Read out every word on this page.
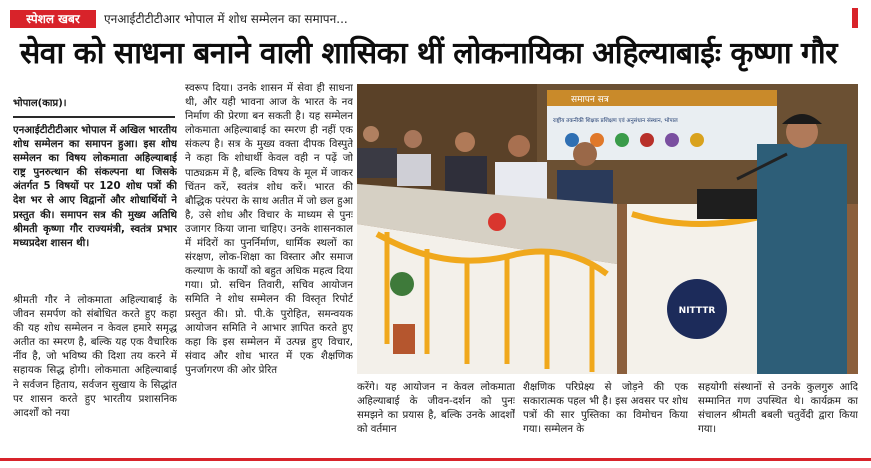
स्पेशल खबर	एनआईटीटीटीआर भोपाल में शोध सम्मेलन का समापन...
सेवा को साधना बनाने वाली शासिका थीं लोकनायिका अहिल्याबाईः कृष्णा गौर
भोपाल(काप्र)।
एनआईटीटीटीआर भोपाल में अखिल भारतीय शोध सम्मेलन का समापन हुआ। इस शोध सम्मेलन का विषय लोकमाता अहिल्याबाई राष्ट्र पुनरुत्थान की संकल्पना था जिसके अंतर्गत 5 विषयों पर 120 शोध पत्रों की देश भर से आए विद्वानों और शोधार्थियों ने प्रस्तुत की। समापन सत्र की मुख्य अतिथि श्रीमती कृष्णा गौर राज्यमंत्री, स्वतंत्र प्रभार मध्यप्रदेश शासन थी।
श्रीमती गौर ने लोकमाता अहिल्याबाई के जीवन समर्पण को संबोधित करते हुए कहा की यह शोध सम्मेलन न केवल हमारे समृद्ध अतीत का स्मरण है, बल्कि यह एक वैचारिक नींव है, जो भविष्य की दिशा तय करने में सहायक सिद्ध होगी। लोकमाता अहिल्याबाई ने सर्वजन हिताय, सर्वजन सुखाय के सिद्धांत पर शासन करते हुए भारतीय प्रशासनिक आदर्शों को नया
स्वरूप दिया। उनके शासन में सेवा ही साधना थी, और यही भावना आज के भारत के नव निर्माण की प्रेरणा बन सकती है। यह सम्मेलन लोकमाता अहिल्याबाई का स्मरण ही नहीं एक संकल्प है। सत्र के मुख्य वक्ता दीपक विस्पुते ने कहा कि शोधार्थी केवल वही न पढ़ें जो पाठ्यक्रम में है, बल्कि विषय के मूल में जाकर चिंतन करें, स्वतंत्र शोध करें। भारत की बौद्धिक परंपरा के साथ अतीत में जो छल हुआ है, उसे शोध और विचार के माध्यम से पुनः उजागर किया जाना चाहिए। उनके शासनकाल में मंदिरों का पुनर्निर्माण, धार्मिक स्थलों का संरक्षण, लोक-शिक्षा का विस्तार और समाज कल्याण के कार्यों को बहुत अधिक महत्व दिया गया। प्रो. सचिन तिवारी, सचिव आयोजन समिति ने शोध सम्मेलन की विस्तृत रिपोर्ट प्रस्तुत की। प्रो. पी.के पुरोहित, समन्वयक आयोजन समिति ने आभार ज्ञापित करते हुए कहा कि इस सम्मेलन में उत्पन्न हुए विचार, संवाद और शोध भारत में एक शैक्षणिक पुनर्जागरण की ओर प्रेरित
समापन सत्र
राष्ट्रीय तकनीकी शिक्षक प्रशिक्षण एवं अनुसंधान संस्थान, भोपाल
NITTTR
करेंगे। यह आयोजन न केवल लोकमाता अहिल्याबाई के जीवन-दर्शन को पुनः समझने का प्रयास है, बल्कि उनके आदर्शों को वर्तमान
शैक्षणिक परिप्रेक्ष्य से जोड़ने की एक सकारात्मक पहल भी है। इस अवसर पर शोध पत्रों की सार पुस्तिका का विमोचन किया गया। सम्मेलन के
सहयोगी संस्थानों से उनके कुलगुरु आदि सम्मानित गण उपस्थित थे। कार्यक्रम का संचालन श्रीमती बबली चतुर्वेदी द्वारा किया गया।
